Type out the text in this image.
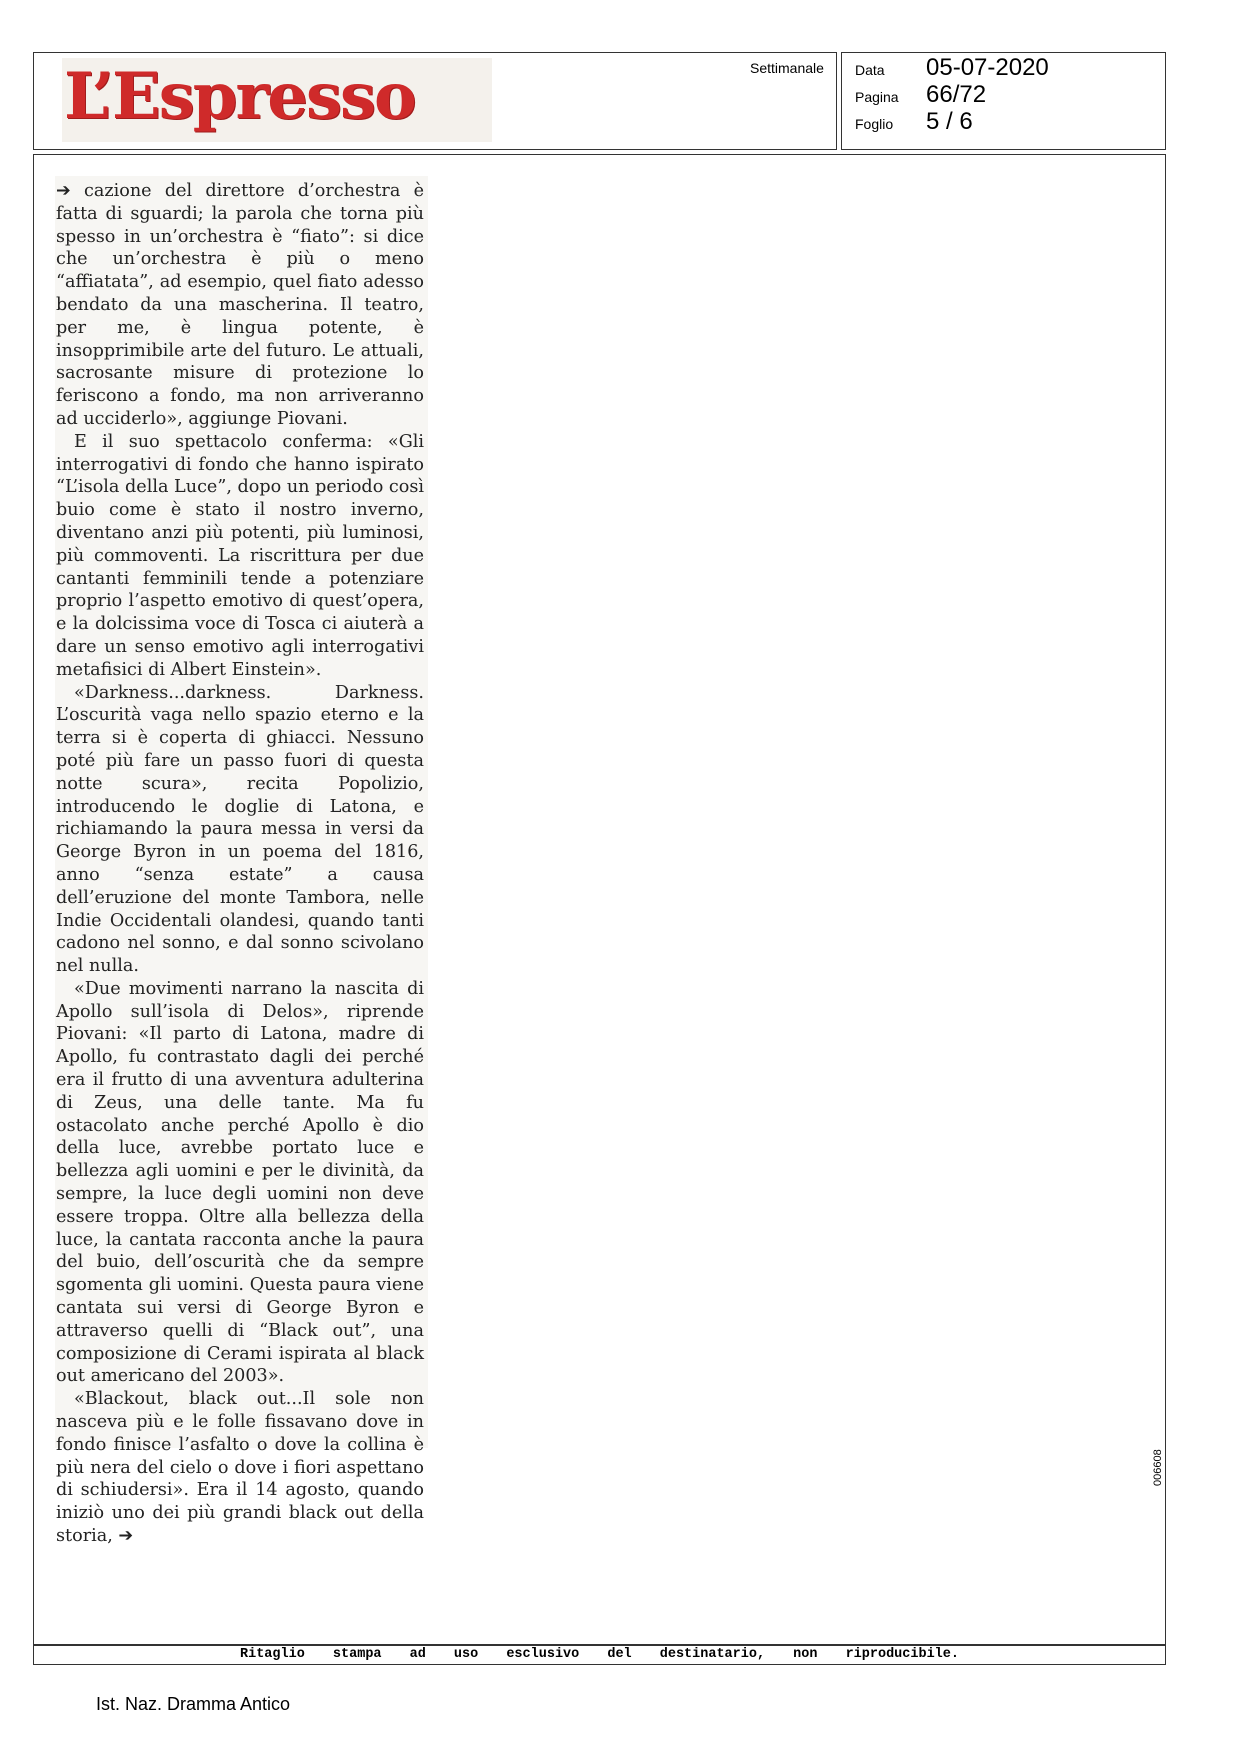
L’Espresso	Settimanale Data 05-07-2020
Pagina 66/72
Foglio 5 / 6

➔ cazione del direttore d’orchestra è fatta di sguardi; la parola che torna più spesso in un’orchestra è “fiato”: si dice che un’orchestra è più o meno “affiatata”, ad esempio, quel fiato adesso bendato da una mascherina. Il teatro, per me, è lingua potente, è insopprimibile arte del futuro. Le attuali, sacrosante misure di protezione lo feriscono a fondo, ma non arriveranno ad ucciderlo», aggiunge Piovani.

E il suo spettacolo conferma: «Gli interrogativi di fondo che hanno ispirato “L’isola della Luce”, dopo un periodo così buio come è stato il nostro inverno, diventano anzi più potenti, più luminosi, più commoventi. La riscrittura per due cantanti femminili tende a potenziare proprio l’aspetto emotivo di quest’opera, e la dolcissima voce di Tosca ci aiuterà a dare un senso emotivo agli interrogativi metafisici di Albert Einstein».

«Darkness...darkness. Darkness. L’oscurità vaga nello spazio eterno e la terra si è coperta di ghiacci. Nessuno poté più fare un passo fuori di questa notte scura», recita Popolizio, introducendo le doglie di Latona, e richiamando la paura messa in versi da George Byron in un poema del 1816, anno “senza estate” a causa dell’eruzione del monte Tambora, nelle Indie Occidentali olandesi, quando tanti cadono nel sonno, e dal sonno scivolano nel nulla.

«Due movimenti narrano la nascita di Apollo sull’isola di Delos», riprende Piovani: «Il parto di Latona, madre di Apollo, fu contrastato dagli dei perché era il frutto di una avventura adulterina di Zeus, una delle tante. Ma fu ostacolato anche perché Apollo è dio della luce, avrebbe portato luce e bellezza agli uomini e per le divinità, da sempre, la luce degli uomini non deve essere troppa. Oltre alla bellezza della luce, la cantata racconta anche la paura del buio, dell’oscurità che da sempre sgomenta gli uomini. Questa paura viene cantata sui versi di George Byron e attraverso quelli di “Black out”, una composizione di Cerami ispirata al black out americano del 2003».

«Blackout, black out...Il sole non nasceva più e le folle fissavano dove in fondo finisce l’asfalto o dove la collina è più nera del cielo o dove i fiori aspettano di schiudersi». Era il 14 agosto, quando iniziò uno dei più grandi black out della storia, ➔

006608
Ritaglio stampa ad uso esclusivo del destinatario, non riproducibile.
Ist. Naz. Dramma Antico
